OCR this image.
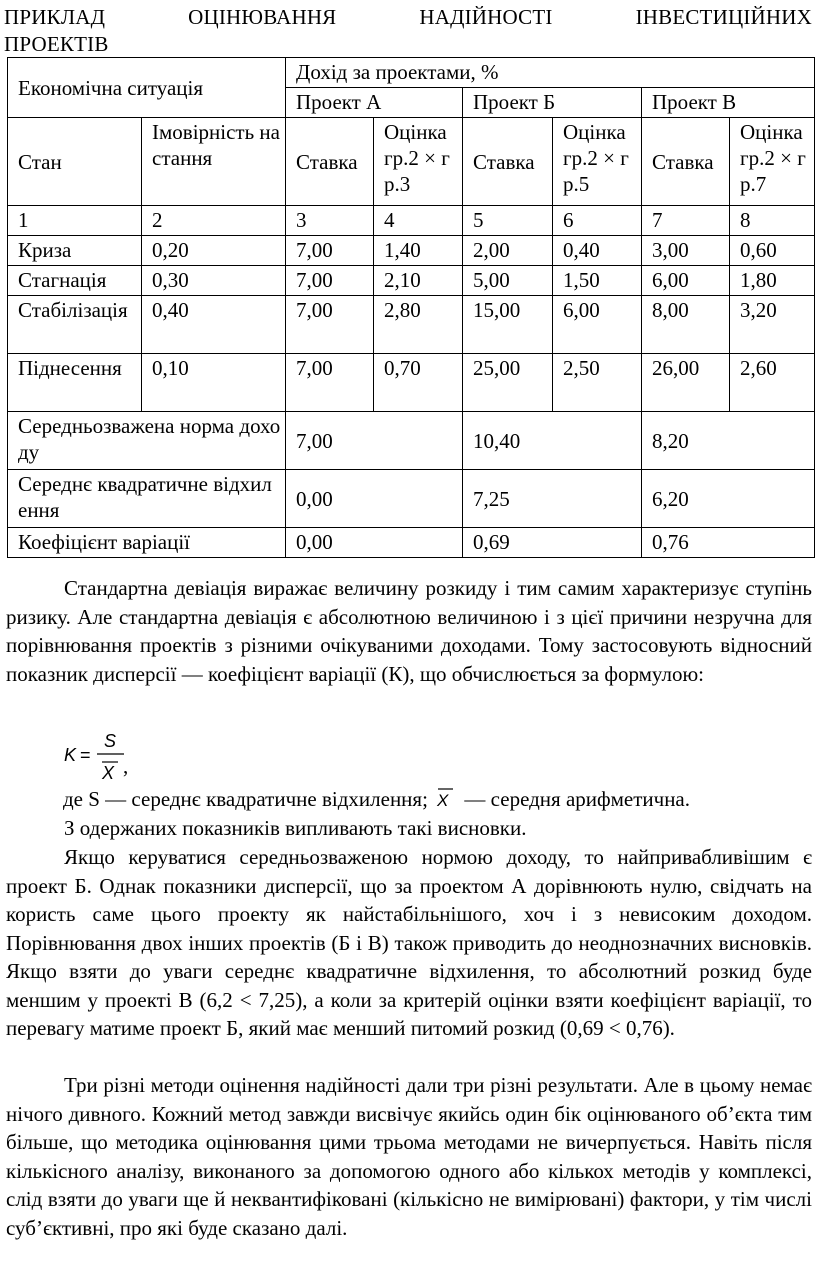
ПРИКЛАД	ОЦІНЮВАННЯ	НАДІЙНОСТІ	ІНВЕСТИЦІЙНИХ
ПРОЕКТІВ
Економічна ситуація		Дохід за проектами, %					
		Проект А		Проект Б		Проект В	
Стан	Імовірність настання	Ставка	Оцінка гр.2 × гр.3	Ставка	Оцінка гр.2 × гр.5	Ставка	Оцінка гр.2 × гр.7
1	2	3	4	5	6	7	8
Криза	0,20	7,00	1,40	2,00	0,40	3,00	0,60
Стагнація	0,30	7,00	2,10	5,00	1,50	6,00	1,80
Стабілізація	0,40	7,00	2,80	15,00	6,00	8,00	3,20
Піднесення	0,10	7,00	0,70	25,00	2,50	26,00	2,60
Середньозважена норма доходу		7,00		10,40		8,20	
Середнє квадратичне відхилення		0,00		7,25		6,20	
Коефіцієнт варіації		0,00		0,69		0,76	

Стандартна девіація виражає величину розкиду і тим самим характеризує ступінь ризику. Але стандартна девіація є абсолютною величиною і з цієї причини незручна для порівнювання проектів з різними очікуваними доходами. Тому застосовують відносний показник дисперсії — коефіцієнт варіації (К), що обчислюється за формулою:

K =
S
X ,

де S — середнє квадратичне відхилення; X — середня арифметична.

З одержаних показників випливають такі висновки.

Якщо керуватися середньозваженою нормою доходу, то найпривабливішим є проект Б. Однак показники дисперсії, що за проектом А дорівнюють нулю, свідчать на користь саме цього проекту як найстабільнішого, хоч і з невисоким доходом. Порівнювання двох інших проектів (Б і В) також приводить до неоднозначних висновків. Якщо взяти до уваги середнє квадратичне відхилення, то абсолютний розкид буде меншим у проекті В (6,2 < 7,25), а коли за критерій оцінки взяти коефіцієнт варіації, то перевагу матиме проект Б, який має менший питомий розкид (0,69 < 0,76).

Три різні методи оцінення надійності дали три різні результати. Але в цьому немає нічого дивного. Кожний метод завжди висвічує якийсь один бік оцінюваного об’єкта тим більше, що методика оцінювання цими трьома методами не вичерпується. Навіть після кількісного аналізу, виконаного за допомогою одного або кількох методів у комплексі, слід взяти до уваги ще й неквантифіковані (кількісно не вимірювані) фактори, у тім числі суб’єктивні, про які буде сказано далі.
